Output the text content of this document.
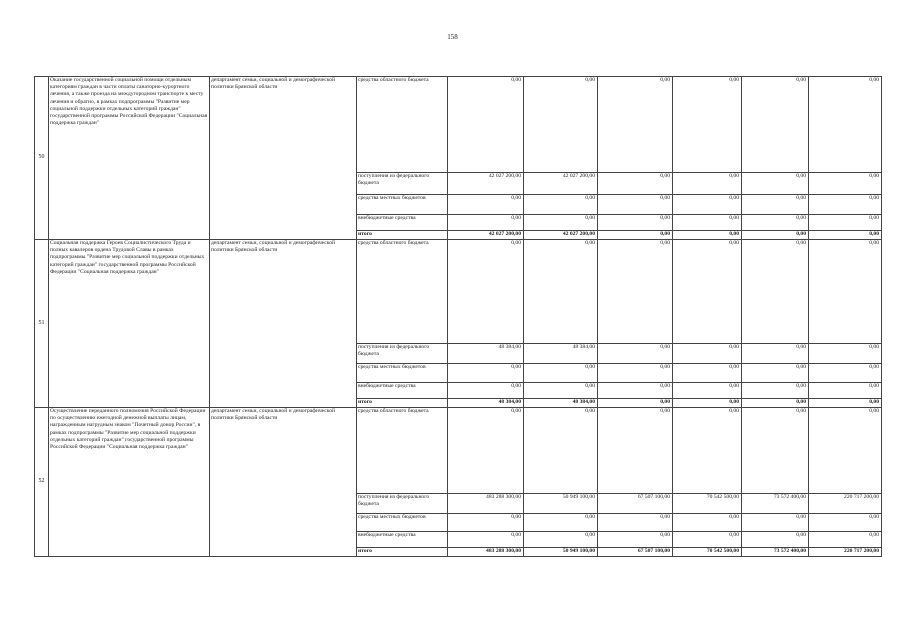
158
50	Оказание государственной социальной помощи отдельным категориям граждан в части оплаты санаторно-курортного лечения, а также проезда на междугородном транспорте к месту лечения и обратно, в рамках подпрограммы "Развитие мер социальной поддержки отдельных категорий граждан" государственной программы Российской Федерации "Социальная поддержка граждан"	департамент семьи, социальной и демографической политики Брянской области	средства областного бюджета	0,00	0,00	0,00	0,00	0,00	0,00
			поступления из федерального бюджета	42 027 200,00	42 027 200,00	0,00	0,00	0,00	0,00
			средства местных бюджетов	0,00	0,00	0,00	0,00	0,00	0,00
			внебюджетные средства	0,00	0,00	0,00	0,00	0,00	0,00
			итого	42 027 200,00	42 027 200,00	0,00	0,00	0,00	0,00
51	Социальная поддержка Героев Социалистического Труда и полных кавалеров ордена Трудовой Славы в рамках подпрограммы "Развитие мер социальной поддержки отдельных категорий граждан" государственной программы Российской Федерации "Социальная поддержка граждан"	департамент семьи, социальной и демографической политики Брянской области	средства областного бюджета	0,00	0,00	0,00	0,00	0,00	0,00
			поступления из федерального бюджета	48 384,00	48 384,00	0,00	0,00	0,00	0,00
			средства местных бюджетов	0,00	0,00	0,00	0,00	0,00	0,00
			внебюджетные средства	0,00	0,00	0,00	0,00	0,00	0,00
			итого	48 384,00	48 384,00	0,00	0,00	0,00	0,00
52	Осуществление переданного полномочия Российской Федерации по осуществлению ежегодной денежной выплаты лицам, награжденным нагрудным знаком "Почетный донор России", в рамках подпрограммы "Развитие мер социальной поддержки отдельных категорий граждан" государственной программы Российской Федерации "Социальная поддержка граждан"	департамент семьи, социальной и демографической политики Брянской области	средства областного бюджета	0,00	0,00	0,00	0,00	0,00	0,00
			поступления из федерального бюджета	483 288 300,00	50 949 100,00	67 507 100,00	70 542 500,00	73 572 400,00	220 717 200,00
			средства местных бюджетов	0,00	0,00	0,00	0,00	0,00	0,00
			внебюджетные средства	0,00	0,00	0,00	0,00	0,00	0,00
			итого	483 288 300,00	50 949 100,00	67 507 100,00	70 542 500,00	73 572 400,00	220 717 200,00
